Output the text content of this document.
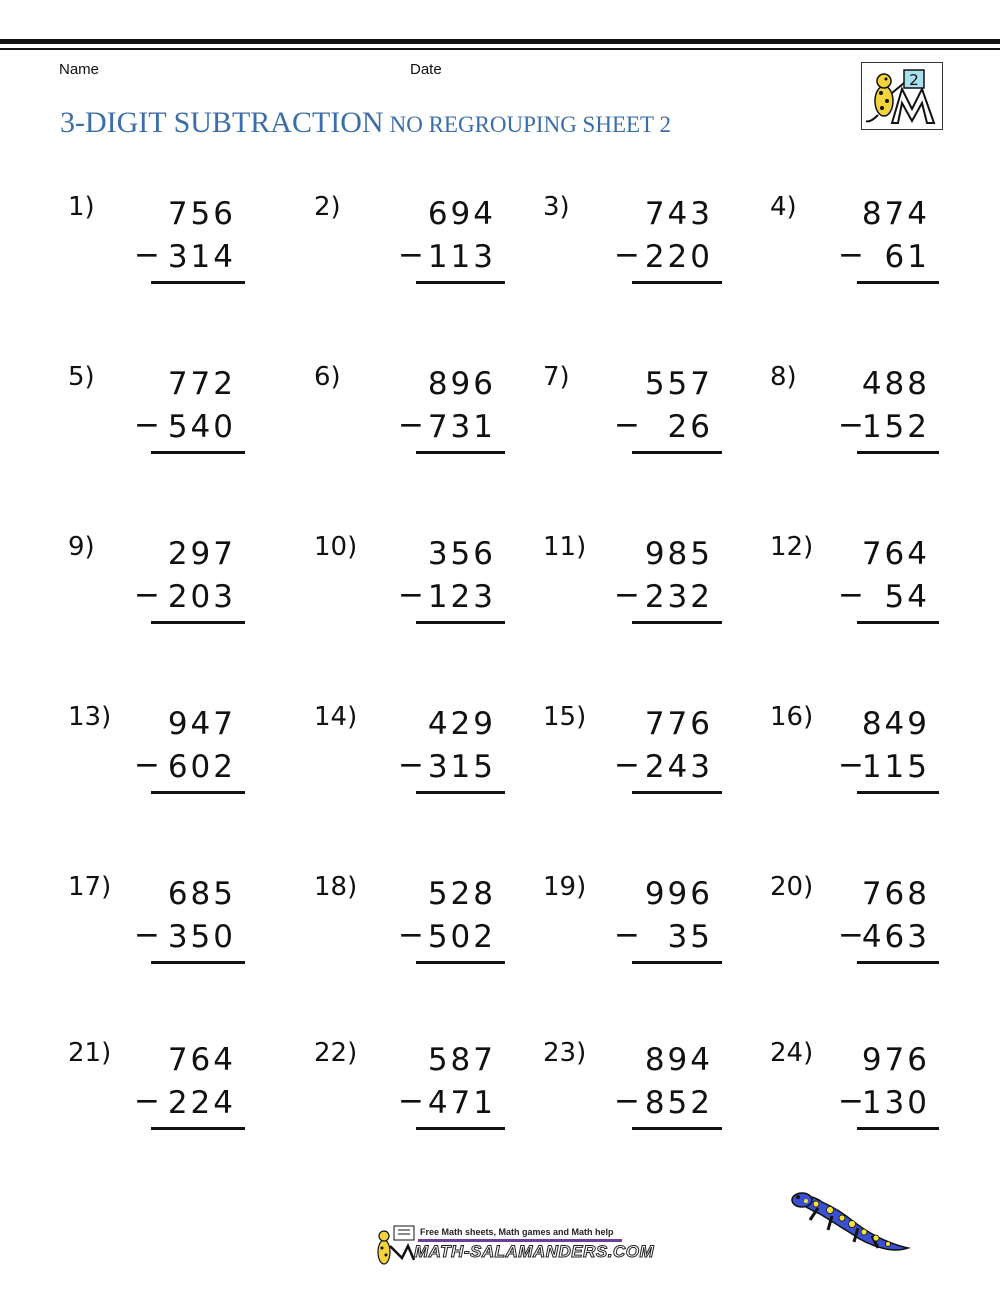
Name	Date
3-DIGIT SUBTRACTION NO REGROUPING SHEET 2
2
1) 756
− 314
2)	694
− 113
3) 743
− 220
4) 874
− 61
5) 772
− 540
6)	896
− 731
7) 557
− 26
8) 488
−
152
9) 297
− 203
10) 356
− 123
11) 985
− 232
12) 764
− 54
13) 947
− 602
14) 429
− 315
15) 776
− 243
16) 849
−
115
17) 685
− 350
18) 528
− 502
19) 996
− 35
20) 768
−
463
21) 764
− 224
22) 587
− 471
23) 894
− 852
24) 976
−
130
Free Math sheets, Math games and Math help
MATH-SALAMANDERS.COM
